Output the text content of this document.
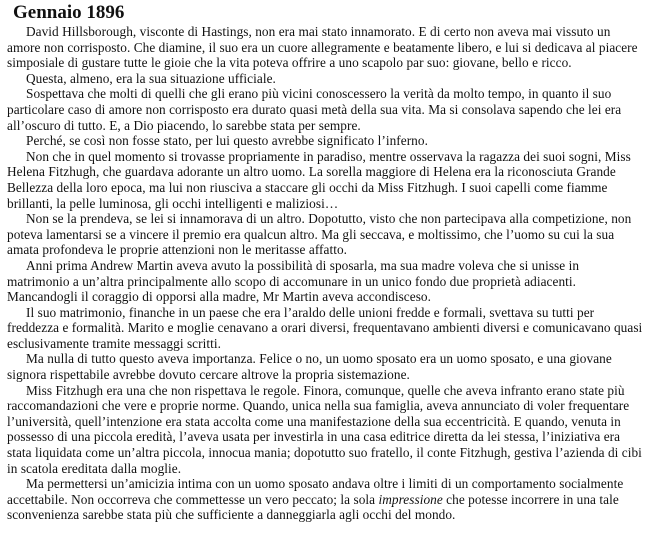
Gennaio 1896

David Hillsborough, visconte di Hastings, non era mai stato innamorato. E di certo non aveva mai vissuto un amore non corrisposto. Che diamine, il suo era un cuore allegramente e beatamente libero, e lui si dedicava al piacere simposiale di gustare tutte le gioie che la vita poteva offrire a uno scapolo par suo: giovane, bello e ricco.

Questa, almeno, era la sua situazione ufficiale.

Sospettava che molti di quelli che gli erano più vicini conoscessero la verità da molto tempo, in quanto il suo particolare caso di amore non corrisposto era durato quasi metà della sua vita. Ma si consolava sapendo che lei era all’oscuro di tutto. E, a Dio piacendo, lo sarebbe stata per sempre.

Perché, se così non fosse stato, per lui questo avrebbe significato l’inferno.

Non che in quel momento si trovasse propriamente in paradiso, mentre osservava la ragazza dei suoi sogni, Miss Helena Fitzhugh, che guardava adorante un altro uomo. La sorella maggiore di Helena era la riconosciuta Grande Bellezza della loro epoca, ma lui non riusciva a staccare gli occhi da Miss Fitzhugh. I suoi capelli come fiamme brillanti, la pelle luminosa, gli occhi intelligenti e maliziosi…

Non se la prendeva, se lei si innamorava di un altro. Dopotutto, visto che non partecipava alla competizione, non poteva lamentarsi se a vincere il premio era qualcun altro. Ma gli seccava, e moltissimo, che l’uomo su cui la sua amata profondeva le proprie attenzioni non le meritasse affatto.

Anni prima Andrew Martin aveva avuto la possibilità di sposarla, ma sua madre voleva che si unisse in matrimonio a un’altra principalmente allo scopo di accomunare in un unico fondo due proprietà adiacenti. Mancandogli il coraggio di opporsi alla madre, Mr Martin aveva accondisceso.

Il suo matrimonio, finanche in un paese che era l’araldo delle unioni fredde e formali, svettava su tutti per freddezza e formalità. Marito e moglie cenavano a orari diversi, frequentavano ambienti diversi e comunicavano quasi esclusivamente tramite messaggi scritti.

Ma nulla di tutto questo aveva importanza. Felice o no, un uomo sposato era un uomo sposato, e una giovane signora rispettabile avrebbe dovuto cercare altrove la propria sistemazione.

Miss Fitzhugh era una che non rispettava le regole. Finora, comunque, quelle che aveva infranto erano state più raccomandazioni che vere e proprie norme. Quando, unica nella sua famiglia, aveva annunciato di voler frequentare l’università, quell’intenzione era stata accolta come una manifestazione della sua eccentricità. E quando, venuta in possesso di una piccola eredità, l’aveva usata per investirla in una casa editrice diretta da lei stessa, l’iniziativa era stata liquidata come un’altra piccola, innocua mania; dopotutto suo fratello, il conte Fitzhugh, gestiva l’azienda di cibi in scatola ereditata dalla moglie.

Ma permettersi un’amicizia intima con un uomo sposato andava oltre i limiti di un comportamento socialmente accettabile. Non occorreva che commettesse un vero peccato; la sola impressione che potesse incorrere in una tale sconvenienza sarebbe stata più che sufficiente a danneggiarla agli occhi del mondo.
